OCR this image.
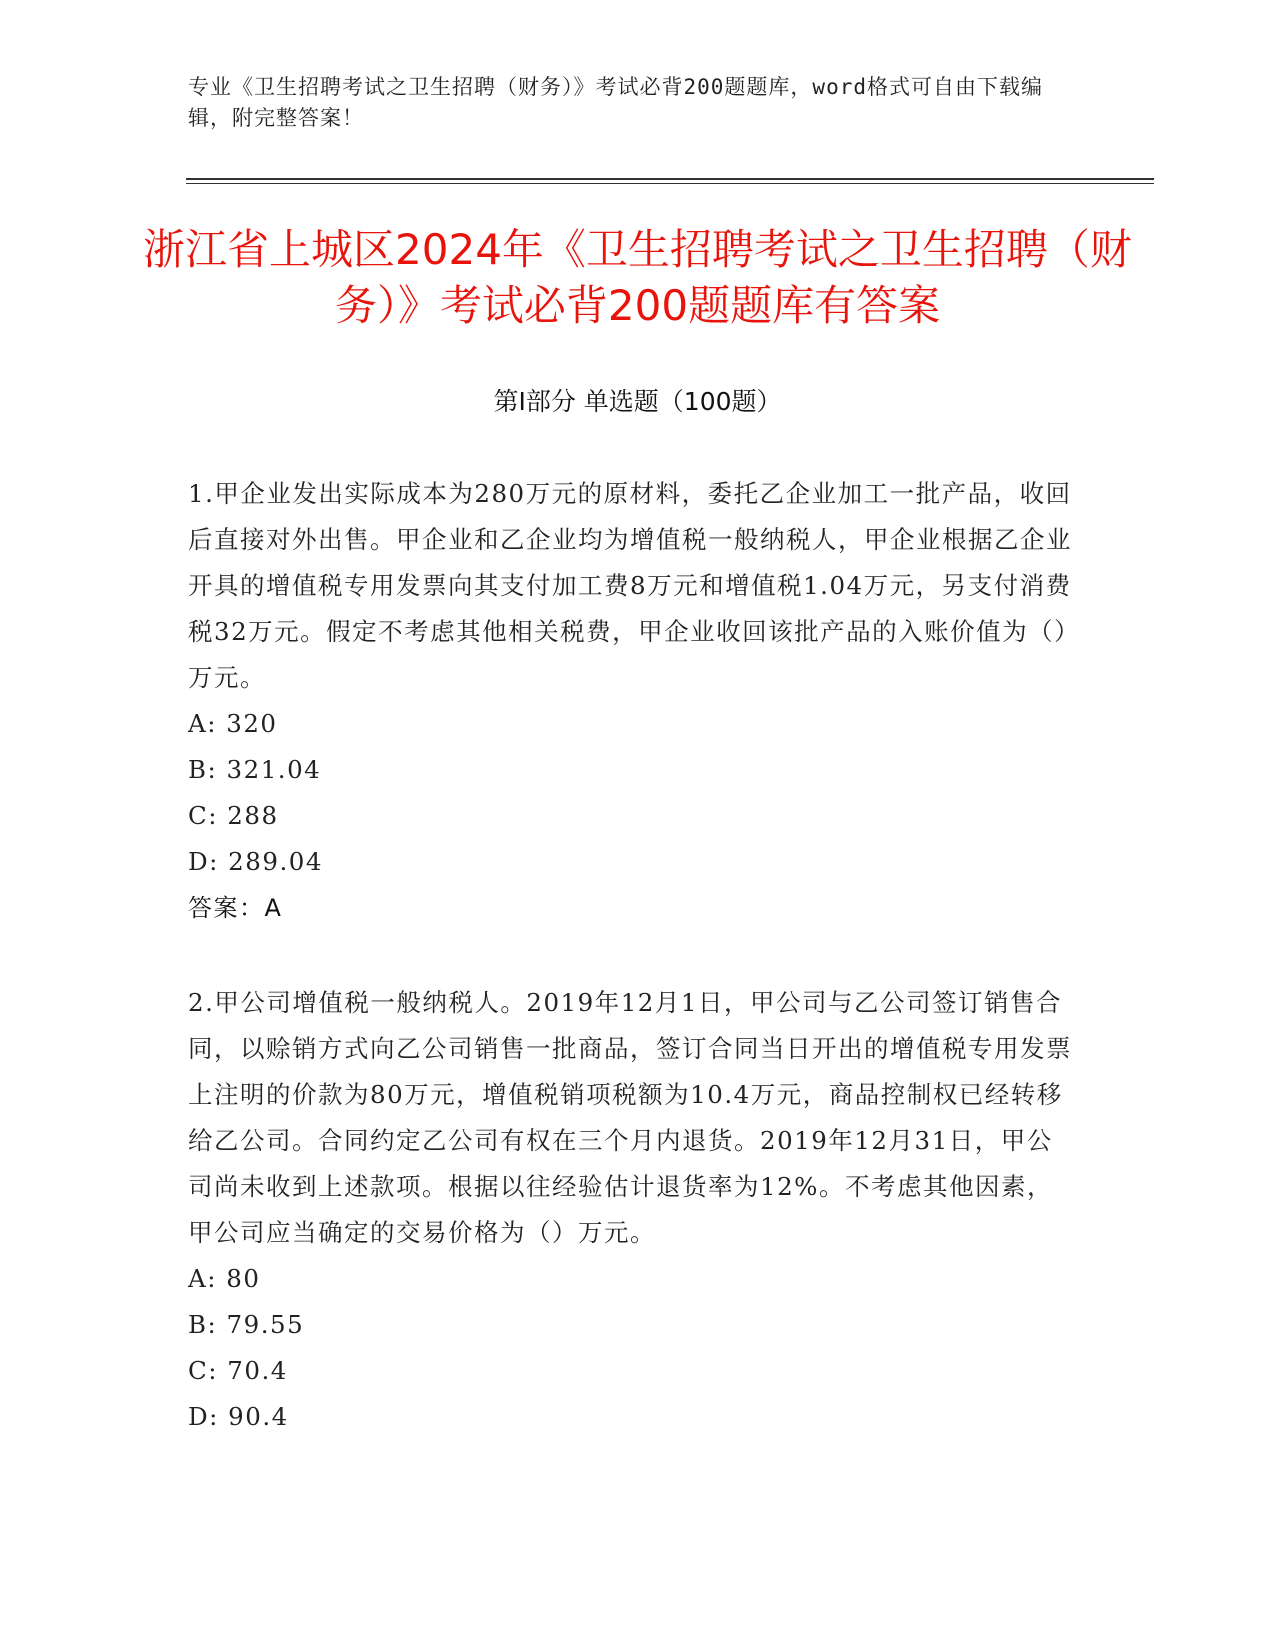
专业《卫生招聘考试之卫生招聘（财务）》考试必背200题题库，word格式可自由下载编辑，附完整答案！
浙江省上城区2024年《卫生招聘考试之卫生招聘（财务）》考试必背200题题库有答案
第Ⅰ部分 单选题（100题）

1.甲企业发出实际成本为280万元的原材料，委托乙企业加工一批产品，收回后直接对外出售。甲企业和乙企业均为增值税一般纳税人，甲企业根据乙企业开具的增值税专用发票向其支付加工费8万元和增值税1.04万元，另支付消费税32万元。假定不考虑其他相关税费，甲企业收回该批产品的入账价值为（）万元。

A: 320

B: 321.04

C: 288

D: 289.04

答案：A

2.甲公司增值税一般纳税人。2019年12月1日，甲公司与乙公司签订销售合同，以赊销方式向乙公司销售一批商品，签订合同当日开出的增值税专用发票上注明的价款为80万元，增值税销项税额为10.4万元，商品控制权已经转移给乙公司。合同约定乙公司有权在三个月内退货。2019年12月31日，甲公司尚未收到上述款项。根据以往经验估计退货率为12%。不考虑其他因素，甲公司应当确定的交易价格为（）万元。

A: 80

B: 79.55

C: 70.4

D: 90.4
